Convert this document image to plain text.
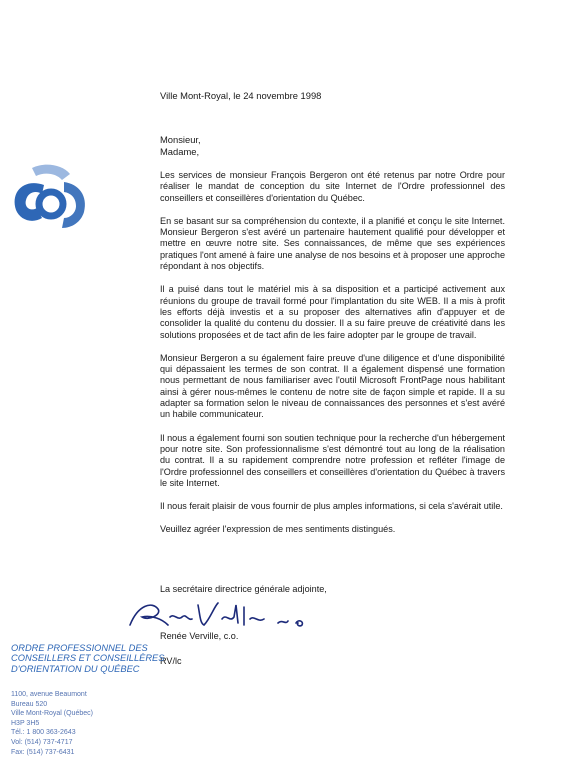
Ville Mont-Royal, le 24 novembre 1998
Monsieur,
Madame,

Les services de monsieur François Bergeron ont été retenus par notre Ordre pour réaliser le mandat de conception du site Internet de l'Ordre professionnel des conseillers et conseillères d'orientation du Québec.

En se basant sur sa compréhension du contexte, il a planifié et conçu le site Internet. Monsieur Bergeron s'est avéré un partenaire hautement qualifié pour développer et mettre en œuvre notre site. Ses connaissances, de même que ses expériences pratiques l'ont amené à faire une analyse de nos besoins et à proposer une approche répondant à nos objectifs.

Il a puisé dans tout le matériel mis à sa disposition et a participé activement aux réunions du groupe de travail formé pour l'implantation du site WEB. Il a mis à profit les efforts déjà investis et a su proposer des alternatives afin d'appuyer et de consolider la qualité du contenu du dossier. Il a su faire preuve de créativité dans les solutions proposées et de tact afin de les faire adopter par le groupe de travail.

Monsieur Bergeron a su également faire preuve d'une diligence et d'une disponibilité qui dépassaient les termes de son contrat. Il a également dispensé une formation nous permettant de nous familiariser avec l'outil Microsoft FrontPage nous habilitant ainsi à gérer nous-mêmes le contenu de notre site de façon simple et rapide. Il a su adapter sa formation selon le niveau de connaissances des personnes et s'est avéré un habile communicateur.

Il nous a également fourni son soutien technique pour la recherche d'un hébergement pour notre site. Son professionnalisme s'est démontré tout au long de la réalisation du contrat. Il a su rapidement comprendre notre profession et refléter l'image de l'Ordre professionnel des conseillers et conseillères d'orientation du Québec à travers le site Internet.

Il nous ferait plaisir de vous fournir de plus amples informations, si cela s'avérait utile.

Veuillez agréer l'expression de mes sentiments distingués.

La secrétaire directrice générale adjointe,
Renée Verville, c.o.
RV/lc
ORDRE PROFESSIONNEL DES
CONSEILLERS ET CONSEILLÈRES
D'ORIENTATION DU QUÉBEC
1100, avenue Beaumont
Bureau 520
Ville Mont-Royal (Québec)
H3P 3H5
Tél.: 1 800 363-2643
Vol: (514) 737-4717
Fax: (514) 737-6431
